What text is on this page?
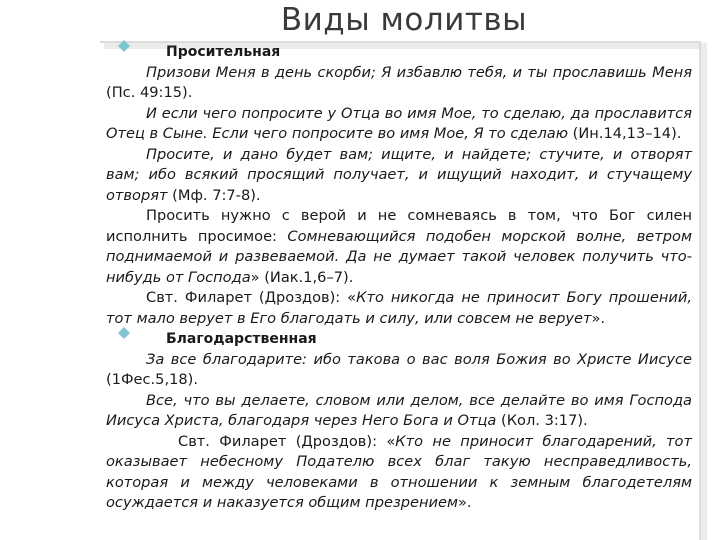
Виды молитвы
Просительная

Призови Меня в день скорби; Я избавлю тебя, и ты прославишь Меня (Пс. 49:15).

И если чего попросите у Отца во имя Мое, то сделаю, да прославится Отец в Сыне. Если чего попросите во имя Мое, Я то сделаю (Ин.14,13–14).

Просите, и дано будет вам; ищите, и найдете; стучите, и отворят вам; ибо всякий просящий получает, и ищущий находит, и стучащему отворят (Мф. 7:7-8).

Просить нужно с верой и не сомневаясь в том, что Бог силен исполнить просимое: Сомневающийся подобен морской волне, ветром поднимаемой и развеваемой. Да не думает такой человек получить что-нибудь от Господа» (Иак.1,6–7).

Свт. Филарет (Дроздов): «Кто никогда не приносит Богу прошений, тот мало верует в Его благодать и силу, или совсем не верует».

Благодарственная

За все благодарите: ибо такова о вас воля Божия во Христе Иисусе (1Фес.5,18).

Все, что вы делаете, словом или делом, все делайте во имя Господа Иисуса Христа, благодаря через Него Бога и Отца (Кол. 3:17).

Свт. Филарет (Дроздов): «Кто не приносит благодарений, тот оказывает небесному Подателю всех благ такую несправедливость, которая и между человеками в отношении к земным благодетелям осуждается и наказуется общим презрением».
